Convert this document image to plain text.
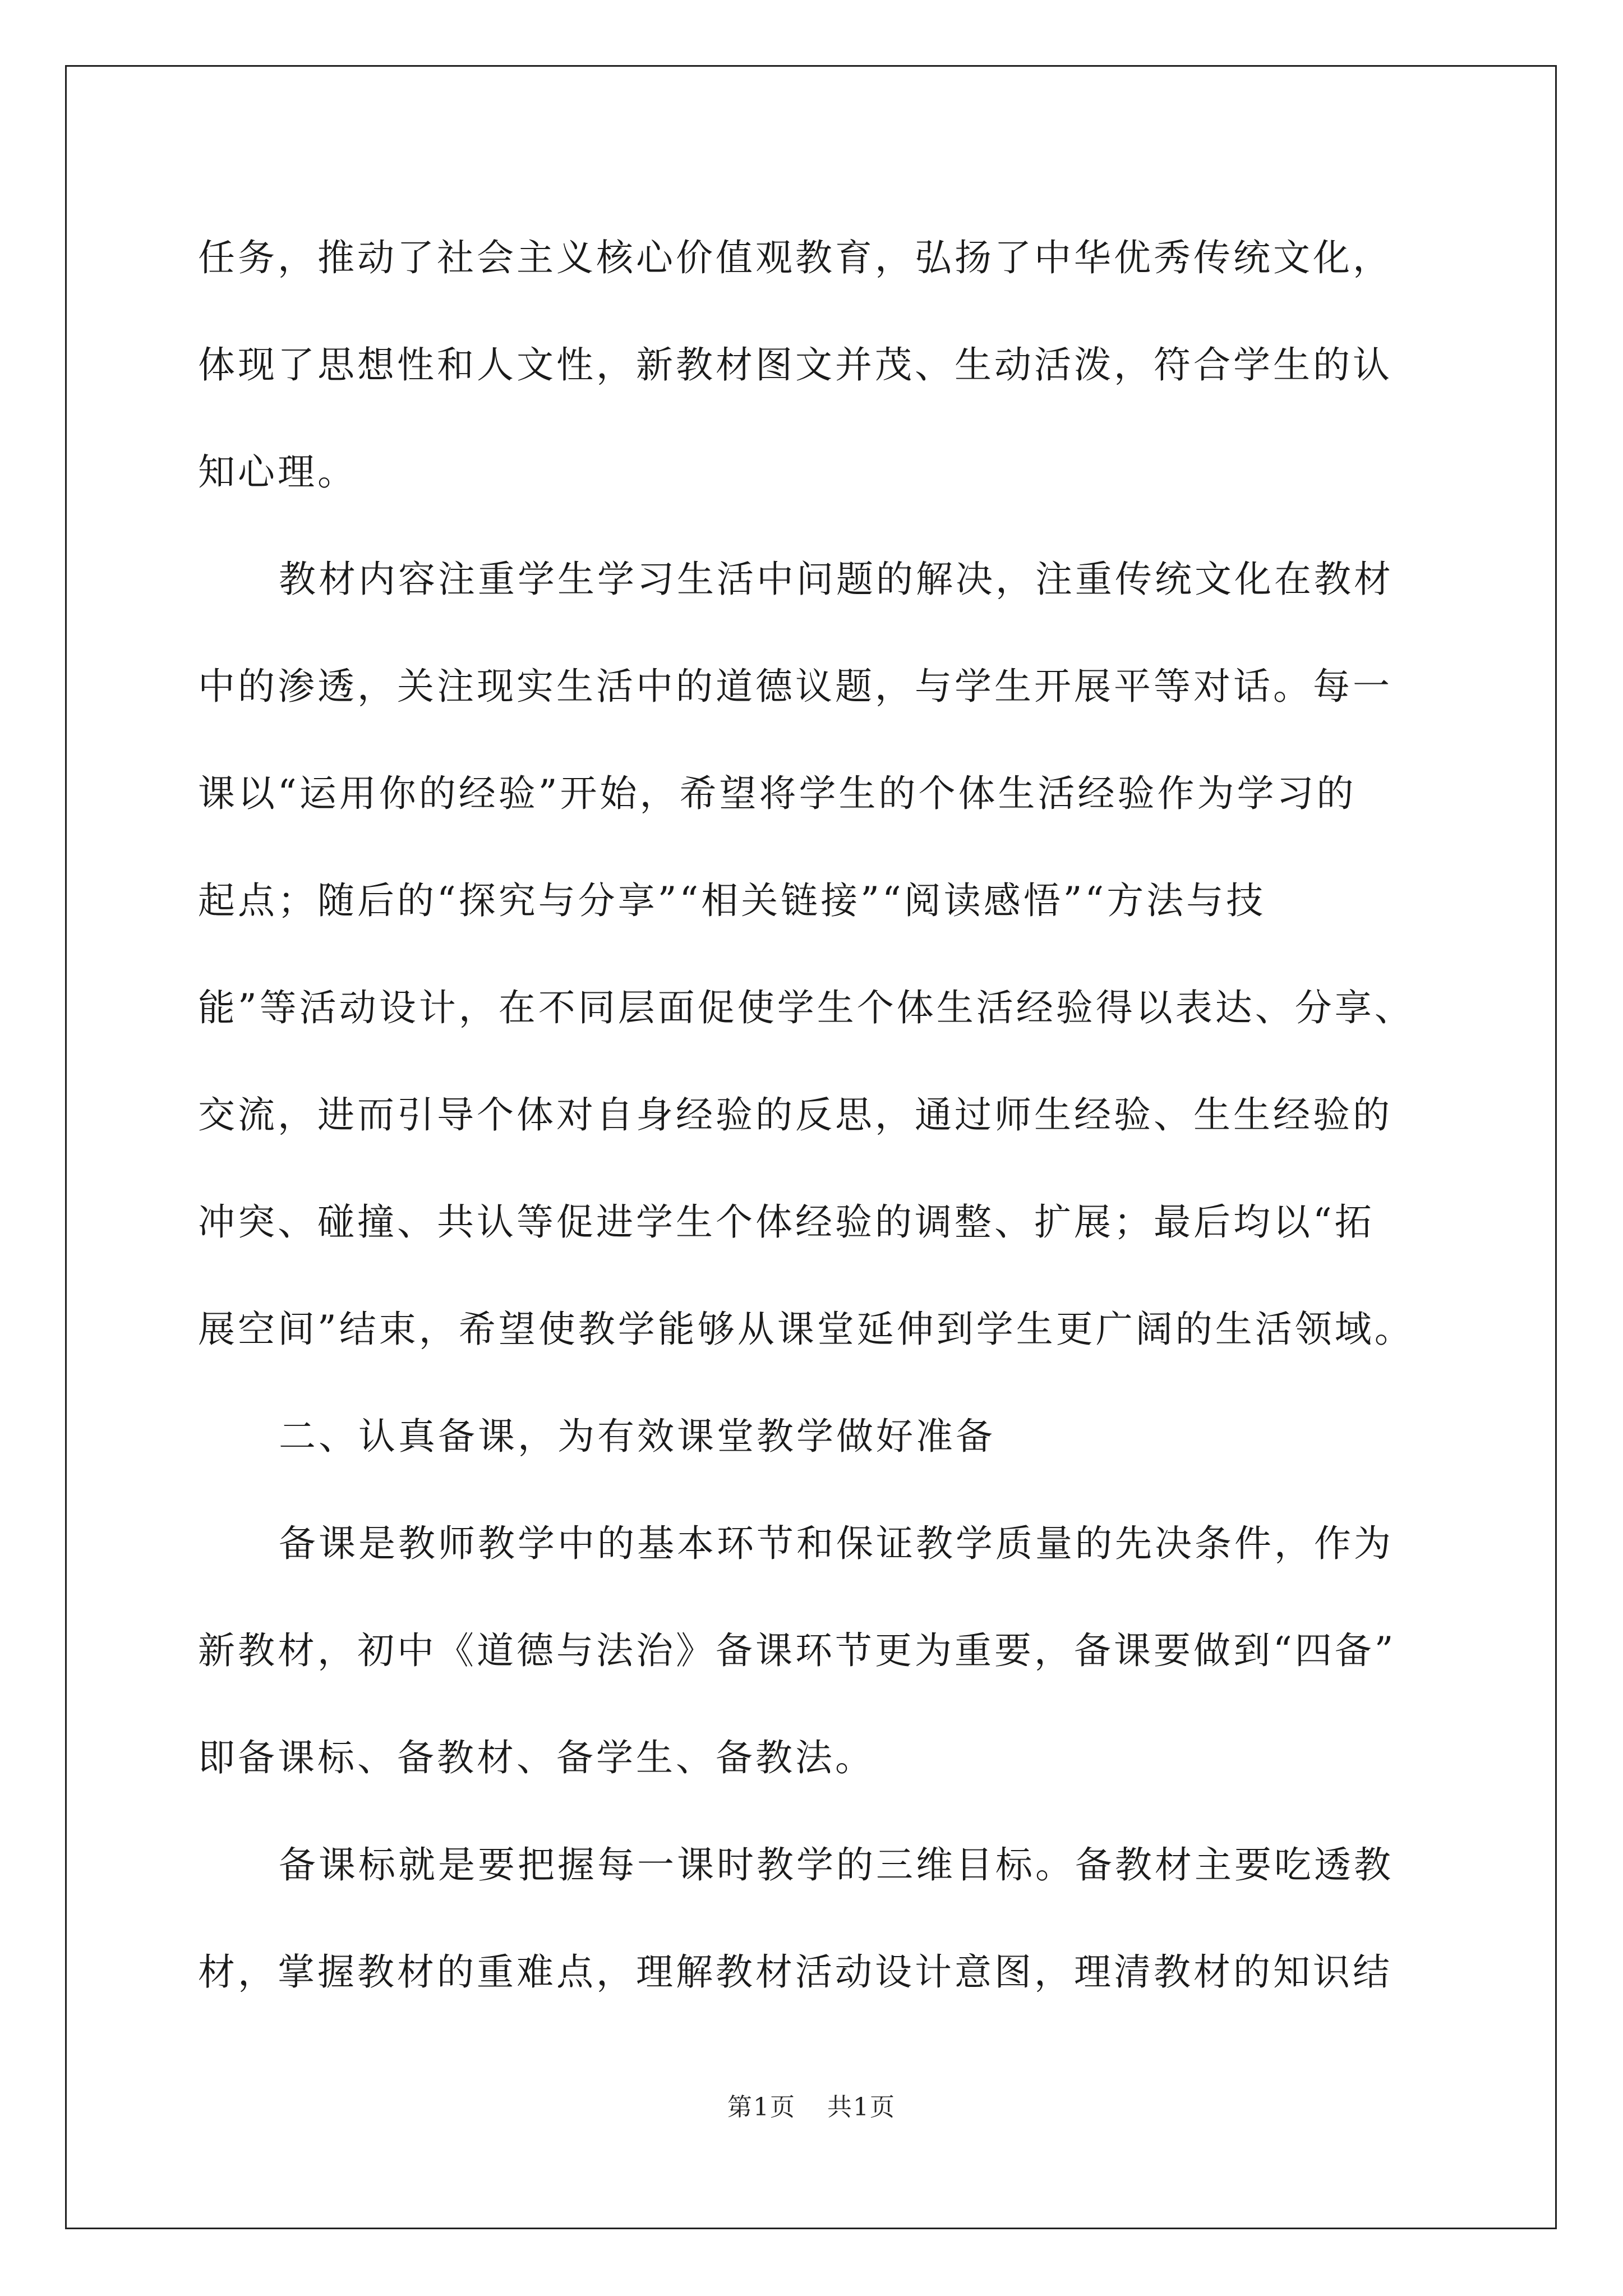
任务，推动了社会主义核心价值观教育，弘扬了中华优秀传统文化，
体现了思想性和人文性，新教材图文并茂、生动活泼，符合学生的认
知心理。
教材内容注重学生学习生活中问题的解决，注重传统文化在教材
中的渗透，关注现实生活中的道德议题，与学生开展平等对话。每一
课以“运用你的经验”开始，希望将学生的个体生活经验作为学习的
起点；随后的“探究与分享”“相关链接”“阅读感悟”“方法与技
能”等活动设计，在不同层面促使学生个体生活经验得以表达、分享、
交流，进而引导个体对自身经验的反思，通过师生经验、生生经验的
冲突、碰撞、共认等促进学生个体经验的调整、扩展；最后均以“拓
展空间”结束，希望使教学能够从课堂延伸到学生更广阔的生活领域。
二、认真备课，为有效课堂教学做好准备
备课是教师教学中的基本环节和保证教学质量的先决条件，作为
新教材，初中《道德与法治》备课环节更为重要，备课要做到“四备”
即备课标、备教材、备学生、备教法。
备课标就是要把握每一课时教学的三维目标。备教材主要吃透教
材，掌握教材的重难点，理解教材活动设计意图，理清教材的知识结
第1页 共1页
